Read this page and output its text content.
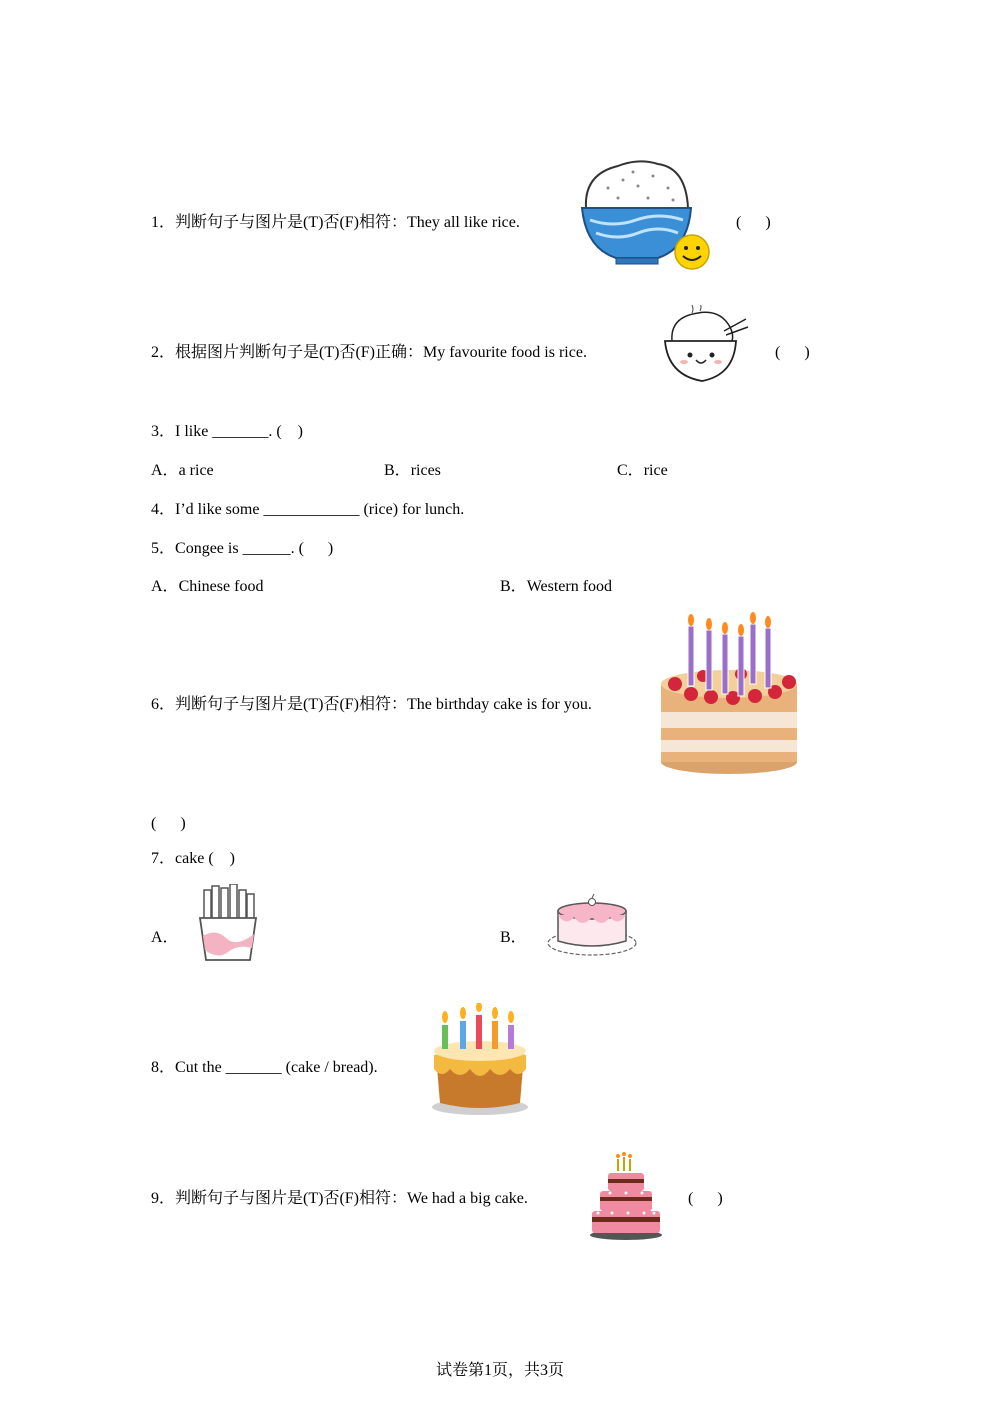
1．判断句子与图片是(T)否(F)相符：They all like rice.	(      )
2．根据图片判断句子是(T)否(F)正确：My favourite food is rice.	(      )
3．I like _______. (    )
A．a rice	B．rices	C．rice
4．I’d like some ____________ (rice) for lunch.
5．Congee is ______. (      )
A．Chinese food	B．Western food
6．判断句子与图片是(T)否(F)相符：The birthday cake is for you.
(      )
7．cake (    )
A．	B．
8．Cut the _______ (cake / bread).
9．判断句子与图片是(T)否(F)相符：We had a big cake.	(      )
试卷第1页，共3页
